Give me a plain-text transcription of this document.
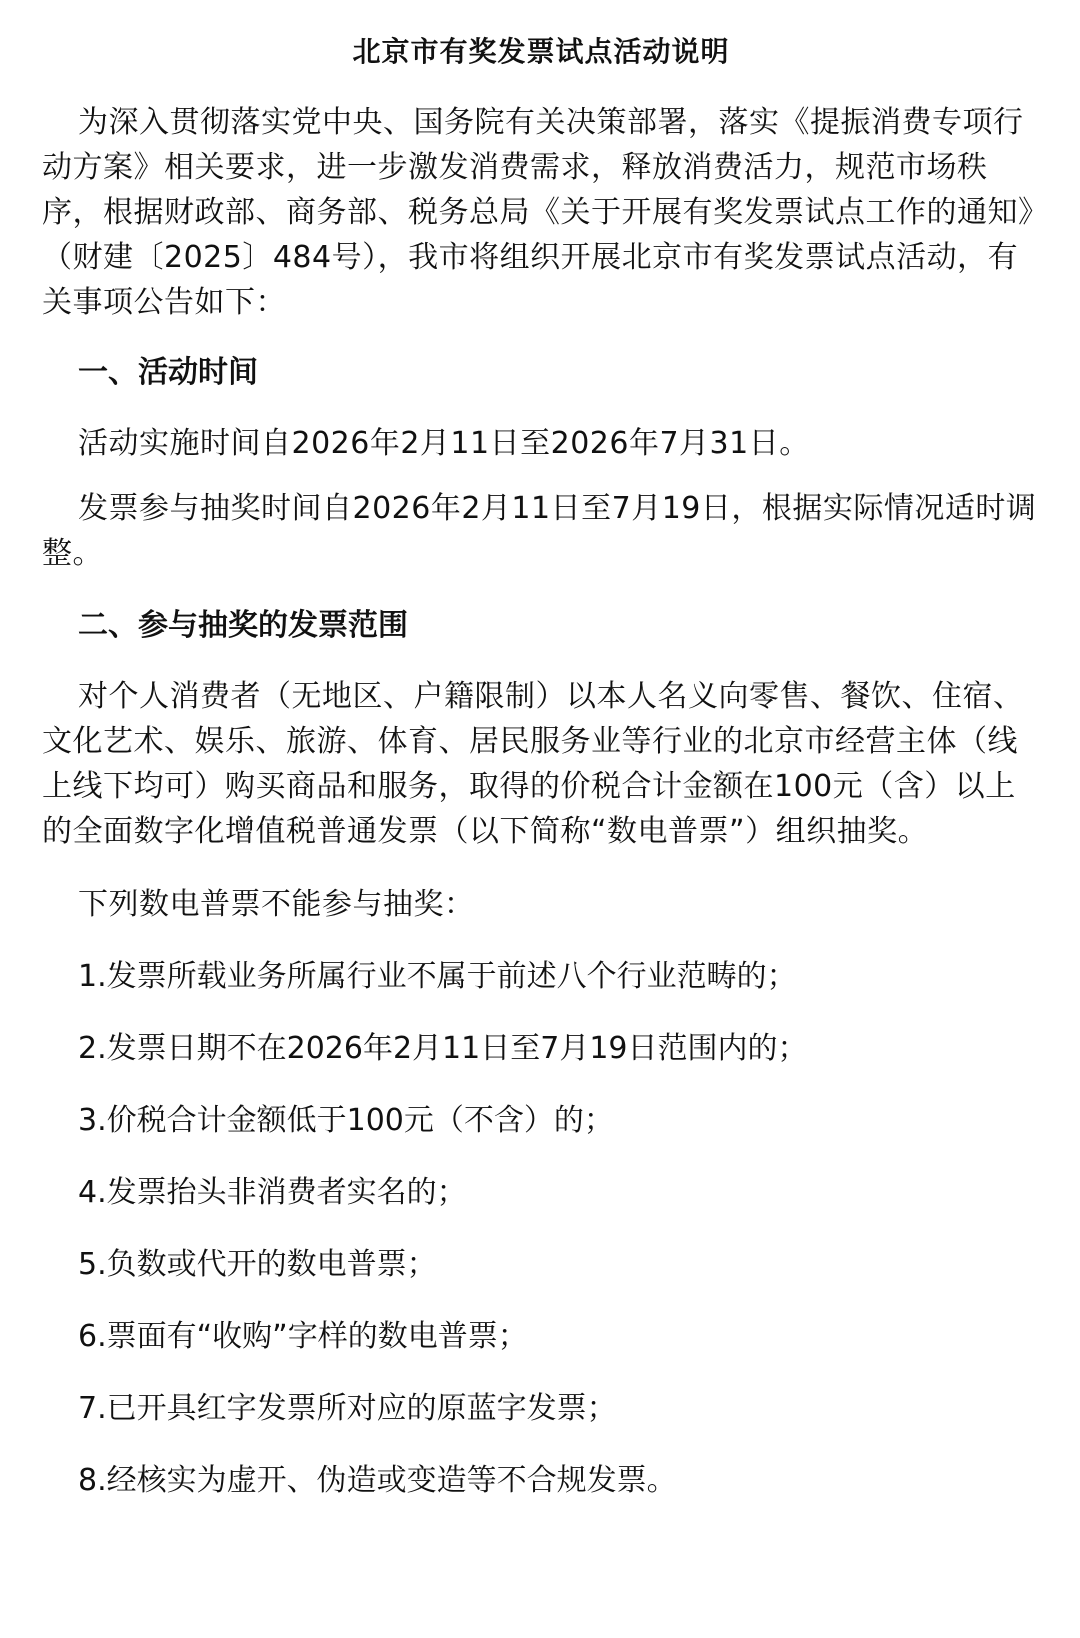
北京市有奖发票试点活动说明

为深入贯彻落实党中央、国务院有关决策部署，落实《提振消费专项行动方案》相关要求，进一步激发消费需求，释放消费活力，规范市场秩序，根据财政部、商务部、税务总局《关于开展有奖发票试点工作的通知》（财建〔2025〕484号），我市将组织开展北京市有奖发票试点活动，有关事项公告如下：

一、活动时间

活动实施时间自2026年2月11日至2026年7月31日。

发票参与抽奖时间自2026年2月11日至7月19日，根据实际情况适时调整。

二、参与抽奖的发票范围

对个人消费者（无地区、户籍限制）以本人名义向零售、餐饮、住宿、文化艺术、娱乐、旅游、体育、居民服务业等行业的北京市经营主体（线上线下均可）购买商品和服务，取得的价税合计金额在100元（含）以上的全面数字化增值税普通发票（以下简称“数电普票”）组织抽奖。

下列数电普票不能参与抽奖：

1.发票所载业务所属行业不属于前述八个行业范畴的；

2.发票日期不在2026年2月11日至7月19日范围内的；

3.价税合计金额低于100元（不含）的；

4.发票抬头非消费者实名的；

5.负数或代开的数电普票；

6.票面有“收购”字样的数电普票；

7.已开具红字发票所对应的原蓝字发票；

8.经核实为虚开、伪造或变造等不合规发票。
